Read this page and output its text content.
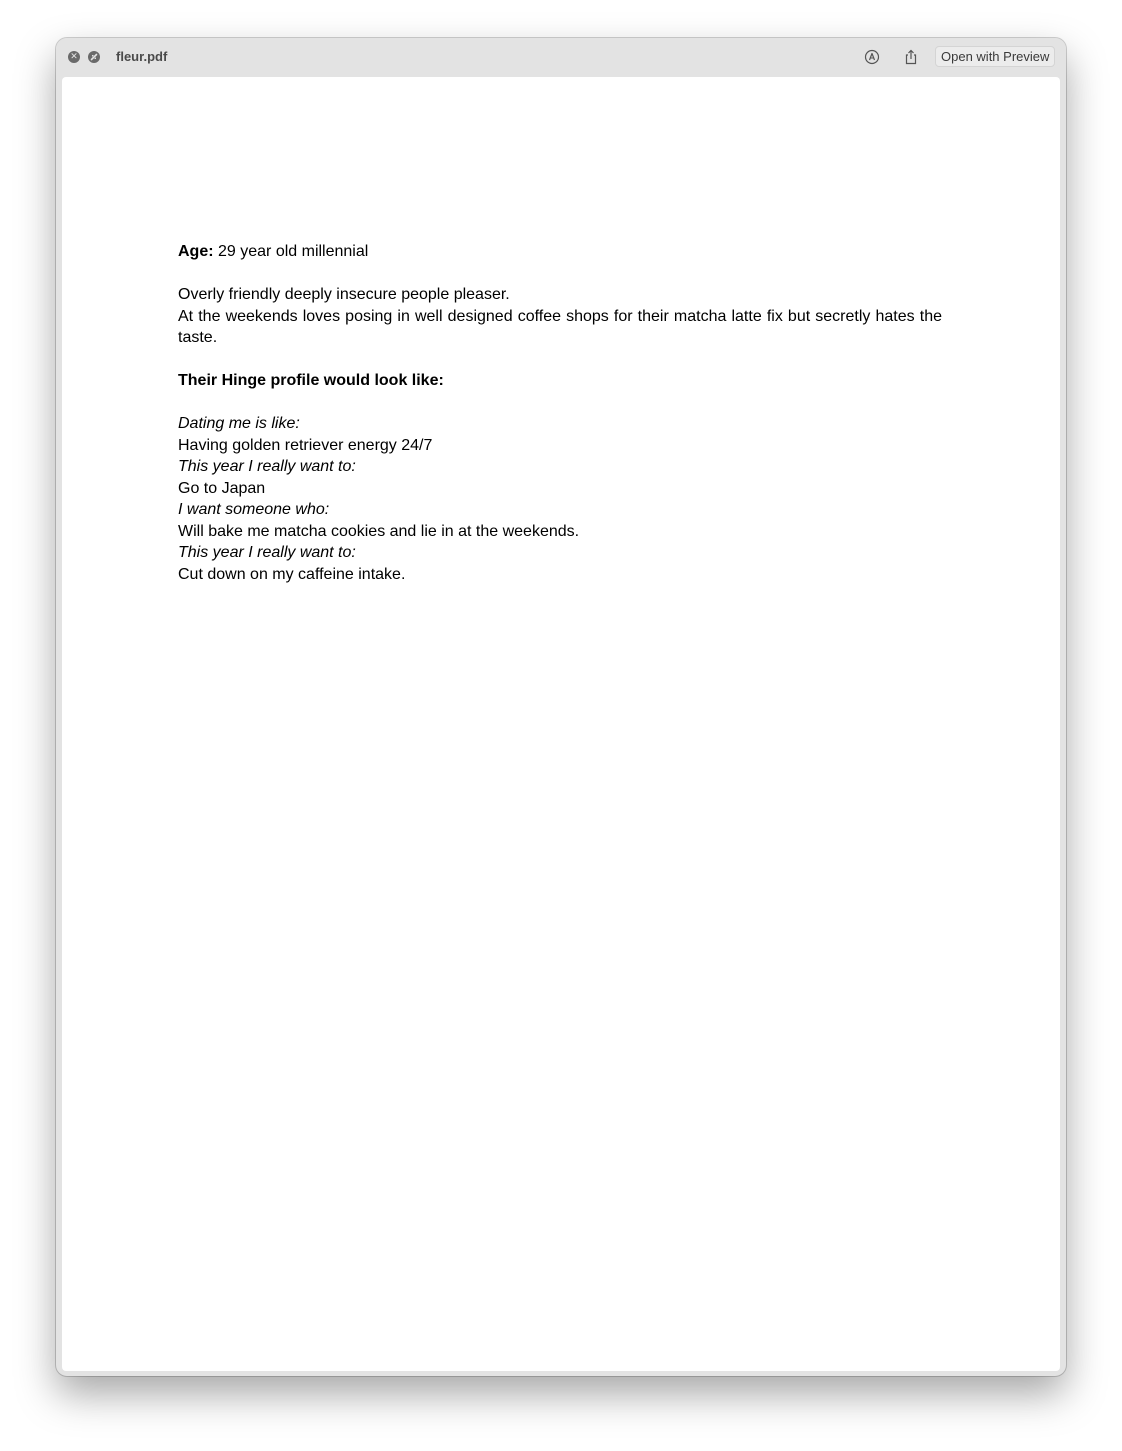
✕	fleur.pdf	Open with Preview

Age: 29 year old millennial

Overly friendly deeply insecure people pleaser.

At the weekends loves posing in well designed coffee shops for their matcha latte fix but secretly hates the taste.

Their Hinge profile would look like:

Dating me is like:

Having golden retriever energy 24/7

This year I really want to:

Go to Japan

I want someone who:

Will bake me matcha cookies and lie in at the weekends.

This year I really want to:

Cut down on my caffeine intake.
